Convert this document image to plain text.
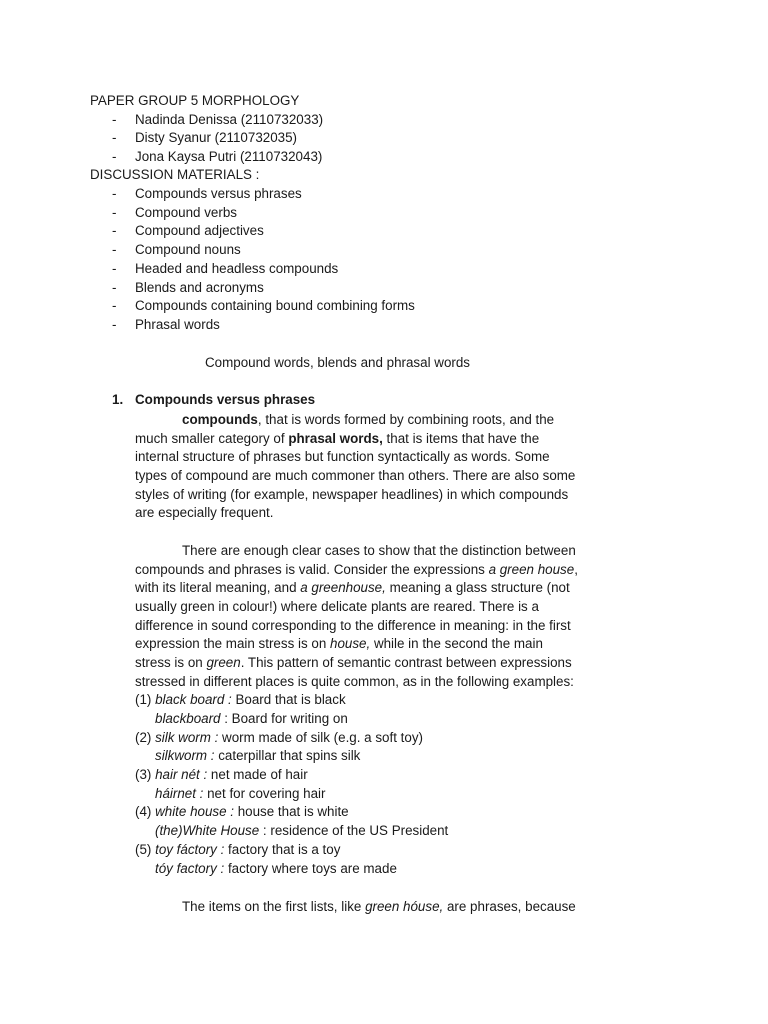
PAPER GROUP 5 MORPHOLOGY
- Nadinda Denissa (2110732033)
- Disty Syanur (2110732035)
- Jona Kaysa Putri (2110732043)
DISCUSSION MATERIALS :
- Compounds versus phrases
- Compound verbs
- Compound adjectives
- Compound nouns
- Headed and headless compounds
- Blends and acronyms
- Compounds containing bound combining forms
- Phrasal words
Compound words, blends and phrasal words
1. Compounds versus phrases
compounds, that is words formed by combining roots, and the
much smaller category of phrasal words, that is items that have the
internal structure of phrases but function syntactically as words. Some
types of compound are much commoner than others. There are also some
styles of writing (for example, newspaper headlines) in which compounds
are especially frequent.
There are enough clear cases to show that the distinction between
compounds and phrases is valid. Consider the expressions a green house,
with its literal meaning, and a greenhouse, meaning a glass structure (not
usually green in colour!) where delicate plants are reared. There is a
difference in sound corresponding to the difference in meaning: in the first
expression the main stress is on house, while in the second the main
stress is on green. This pattern of semantic contrast between expressions
stressed in different places is quite common, as in the following examples:
(1) black board : Board that is black
blackboard : Board for writing on
(2) silk worm : worm made of silk (e.g. a soft toy)
silkworm : caterpillar that spins silk
(3) hair nét : net made of hair
háirnet : net for covering hair
(4) white house : house that is white
(the)White House : residence of the US President
(5) toy fáctory : factory that is a toy
tóy factory : factory where toys are made
The items on the first lists, like green hóuse, are phrases, because
